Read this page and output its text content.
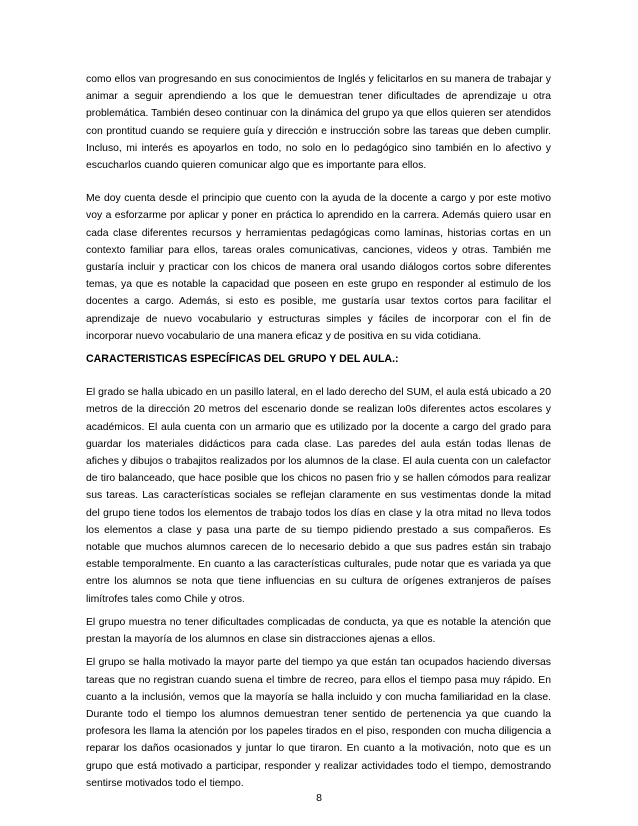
como ellos van progresando en sus conocimientos de Inglés y felicitarlos en su manera de trabajar y animar a seguir aprendiendo a los que le demuestran tener dificultades de aprendizaje u otra problemática. También deseo continuar con la dinámica del grupo ya que ellos quieren ser atendidos con prontitud cuando se requiere guía y dirección e instrucción sobre las tareas que deben cumplir. Incluso, mi interés es apoyarlos en todo, no solo en lo pedagógico sino también en lo afectivo y escucharlos cuando quieren comunicar algo que es importante para ellos.

Me doy cuenta desde el principio que cuento con la ayuda de la docente a cargo y por este motivo voy a esforzarme por aplicar y poner en práctica lo aprendido en la carrera. Además quiero usar en cada clase diferentes recursos y herramientas pedagógicas como laminas, historias cortas en un contexto familiar para ellos, tareas orales comunicativas, canciones, videos y otras. También me gustaría incluir y practicar con los chicos de manera oral usando diálogos cortos sobre diferentes temas, ya que es notable la capacidad que poseen en este grupo en responder al estimulo de los docentes a cargo. Además, si esto es posible, me gustaría usar textos cortos para facilitar el aprendizaje de nuevo vocabulario y estructuras simples y fáciles de incorporar con el fin de incorporar nuevo vocabulario de una manera eficaz y de positiva en su vida cotidiana.

CARACTERISTICAS ESPECÍFICAS DEL GRUPO Y DEL AULA.:

El grado se halla ubicado en un pasillo lateral, en el lado derecho del SUM, el aula está ubicado a 20 metros de la dirección 20 metros del escenario donde se realizan lo0s diferentes actos escolares y académicos. El aula cuenta con un armario que es utilizado por la docente a cargo del grado para guardar los materiales didácticos para cada clase. Las paredes del aula están todas llenas de afiches y dibujos o trabajitos realizados por los alumnos de la clase. El aula cuenta con un calefactor de tiro balanceado, que hace posible que los chicos no pasen frio y se hallen cómodos para realizar sus tareas. Las características sociales se reflejan claramente en sus vestimentas donde la mitad del grupo tiene todos los elementos de trabajo todos los días en clase y la otra mitad no lleva todos los elementos a clase y pasa una parte de su tiempo pidiendo prestado a sus compañeros. Es notable que muchos alumnos carecen de lo necesario debido a que sus padres están sin trabajo estable temporalmente. En cuanto a las características culturales, pude notar que es variada ya que entre los alumnos se nota que tiene influencias en su cultura de orígenes extranjeros de países limítrofes tales como Chile y otros.

El grupo muestra no tener dificultades complicadas de conducta, ya que es notable la atención que prestan la mayoría de los alumnos en clase sin distracciones ajenas a ellos.

El grupo se halla motivado la mayor parte del tiempo ya que están tan ocupados haciendo diversas tareas que no registran cuando suena el timbre de recreo, para ellos el tiempo pasa muy rápido. En cuanto a la inclusión, vemos que la mayoría se halla incluido y con mucha familiaridad en la clase. Durante todo el tiempo los alumnos demuestran tener sentido de pertenencia ya que cuando la profesora les llama la atención por los papeles tirados en el piso, responden con mucha diligencia a reparar los daños ocasionados y juntar lo que tiraron. En cuanto a la motivación, noto que es un grupo que está motivado a participar, responder y realizar actividades todo el tiempo, demostrando sentirse motivados todo el tiempo.

8
